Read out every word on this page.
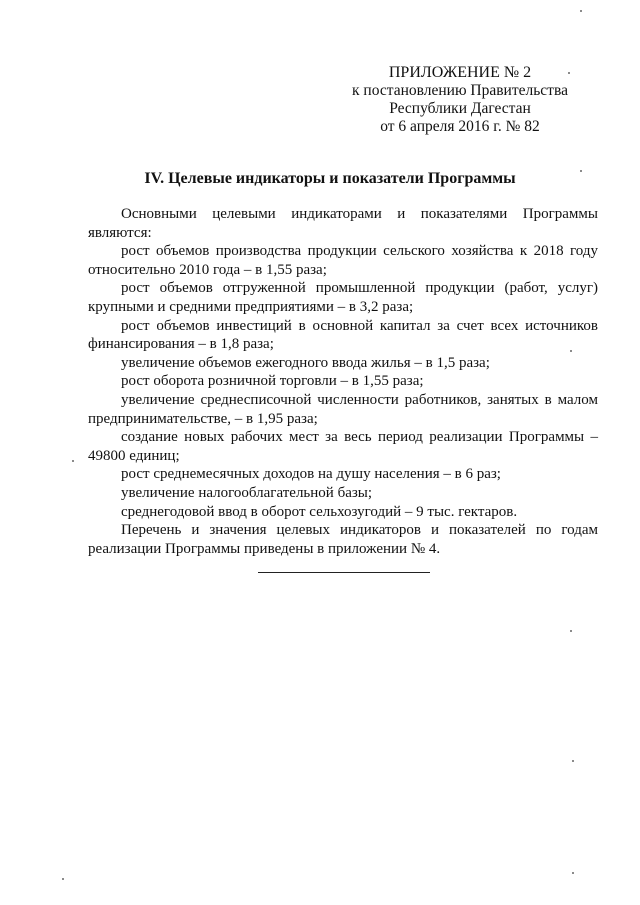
ПРИЛОЖЕНИЕ № 2
к постановлению Правительства
Республики Дагестан
от 6 апреля 2016 г. № 82
IV. Целевые индикаторы и показатели Программы

Основными целевыми индикаторами и показателями Программы являются:

рост объемов производства продукции сельского хозяйства к 2018 году относительно 2010 года – в 1,55 раза;

рост объемов отгруженной промышленной продукции (работ, услуг) крупными и средними предприятиями – в 3,2 раза;

рост объемов инвестиций в основной капитал за счет всех источников финансирования – в 1,8 раза;

увеличение объемов ежегодного ввода жилья – в 1,5 раза;

рост оборота розничной торговли – в 1,55 раза;

увеличение среднесписочной численности работников, занятых в малом предпринимательстве, – в 1,95 раза;

создание новых рабочих мест за весь период реализации Программы – 49800 единиц;

рост среднемесячных доходов на душу населения – в 6 раз;

увеличение налогооблагательной базы;

среднегодовой ввод в оборот сельхозугодий – 9 тыс. гектаров.

Перечень и значения целевых индикаторов и показателей по годам реализации Программы приведены в приложении № 4.
